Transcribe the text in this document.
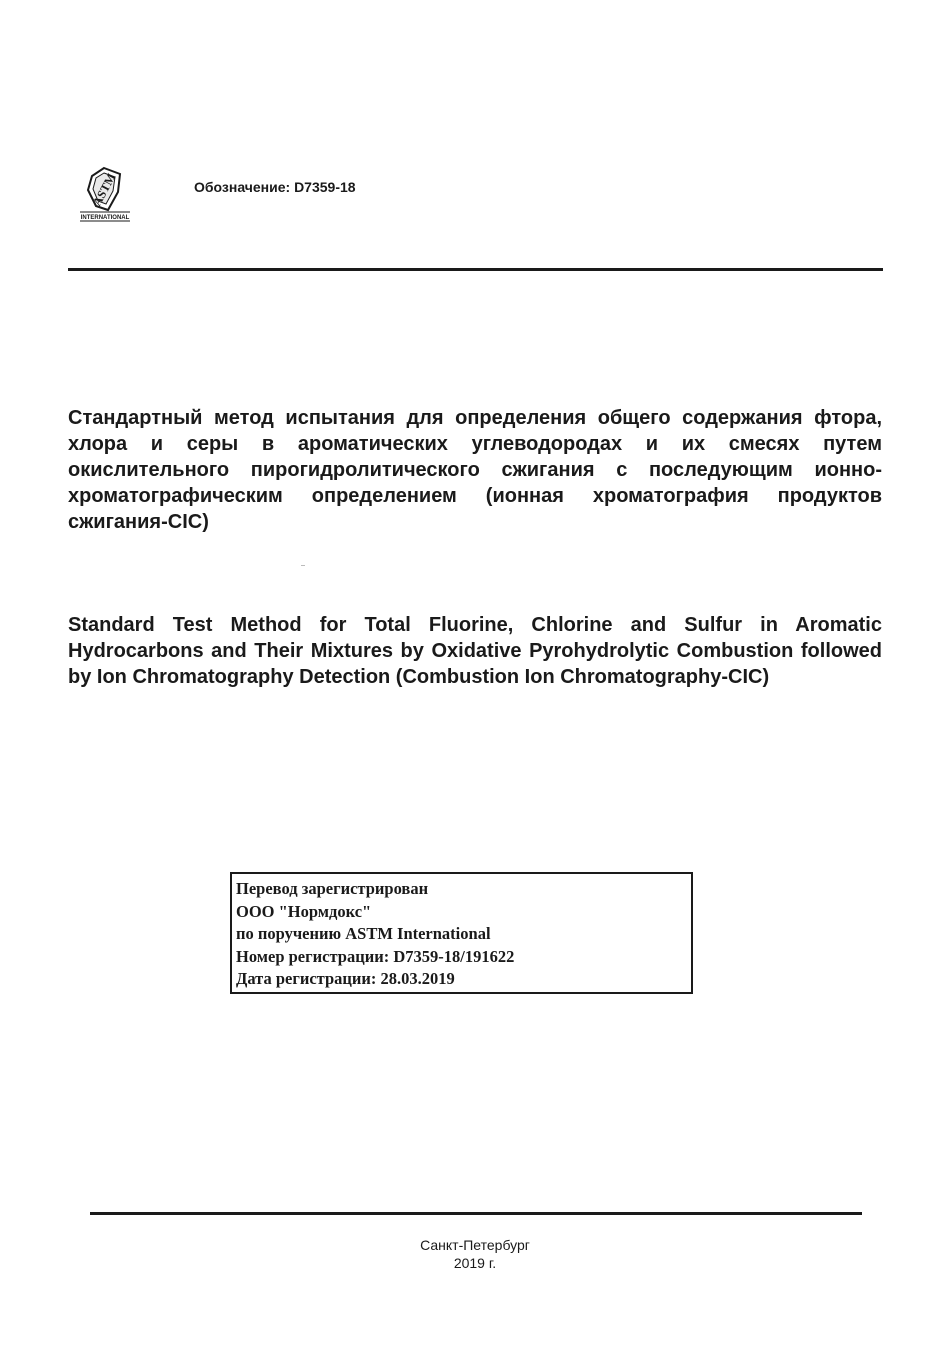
ASTM
INTERNATIONAL
Обозначение: D7359-18
Стандартный метод испытания для определения общего содержания фтора, хлора и серы в ароматических углеводородах и их смесях путем окислительного пирогидролитического сжигания с последующим ионно-хроматографическим определением (ионная хроматография продуктов сжигания-CIC)
Standard Test Method for Total Fluorine, Chlorine and Sulfur in Aromatic Hydrocarbons and Their Mixtures by Oxidative Pyrohydrolytic Combustion followed by Ion Chromatography Detection (Combustion Ion Chromatography-CIC)
Перевод зарегистрирован
ООО "Нормдокс"
по поручению ASTM International
Номер регистрации: D7359-18/191622
Дата регистрации: 28.03.2019
Санкт-Петербург
2019 г.
